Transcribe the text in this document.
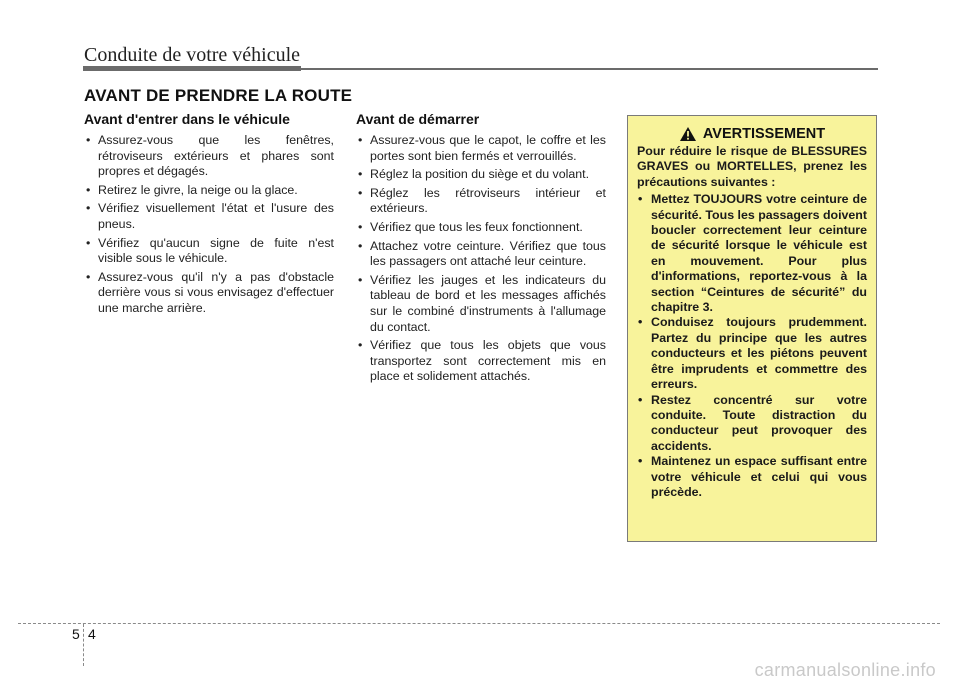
Conduite de votre véhicule
AVANT DE PRENDRE LA ROUTE
Avant d'entrer dans le véhicule
• Assurez-vous que les fenêtres, rétroviseurs extérieurs et phares sont propres et dégagés.
• Retirez le givre, la neige ou la glace.
• Vérifiez visuellement l'état et l'usure des pneus.
• Vérifiez qu'aucun signe de fuite n'est visible sous le véhicule.
• Assurez-vous qu'il n'y a pas d'obstacle derrière vous si vous envisagez d'effectuer une marche arrière.
Avant de démarrer
• Assurez-vous que le capot, le coffre et les portes sont bien fermés et verrouillés.
• Réglez la position du siège et du volant.
• Réglez les rétroviseurs intérieur et extérieurs.
• Vérifiez que tous les feux fonctionnent.
• Attachez votre ceinture. Vérifiez que tous les passagers ont attaché leur ceinture.
• Vérifiez les jauges et les indicateurs du tableau de bord et les messages affichés sur le combiné d'instruments à l'allumage du contact.
• Vérifiez que tous les objets que vous transportez sont correctement mis en place et solidement attachés.
AVERTISSEMENT

Pour réduire le risque de BLESSURES GRAVES ou MORTELLES, prenez les précautions suivantes :

• Mettez TOUJOURS votre ceinture de sécurité. Tous les passagers doivent boucler correctement leur ceinture de sécurité lorsque le véhicule est en mouvement. Pour plus d'informations, reportez-vous à la section “Ceintures de sécurité” du chapitre 3.
• Conduisez toujours prudemment. Partez du principe que les autres conducteurs et les piétons peuvent être imprudents et commettre des erreurs.
• Restez concentré sur votre conduite. Toute distraction du conducteur peut provoquer des accidents.
• Maintenez un espace suffisant entre votre véhicule et celui qui vous précède.
5 4
carmanualsonline.info
